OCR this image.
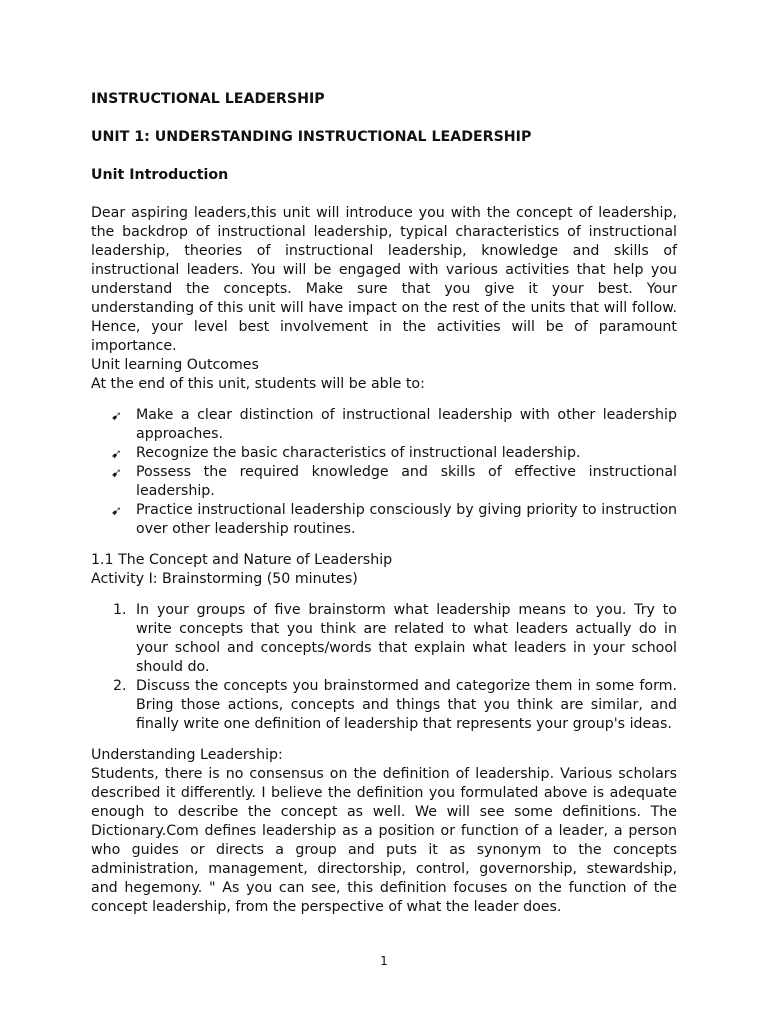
INSTRUCTIONAL LEADERSHIP

UNIT 1: UNDERSTANDING INSTRUCTIONAL LEADERSHIP

Unit Introduction

Dear aspiring leaders,this unit will introduce you with the concept of leadership, the backdrop of instructional leadership, typical characteristics of instructional leadership, theories of instructional leadership, knowledge and skills of instructional leaders. You will be engaged with various activities that help you understand the concepts. Make sure that you give it your best. Your understanding of this unit will have impact on the rest of the units that will follow. Hence, your level best involvement in the activities will be of paramount importance.

Unit learning Outcomes

At the end of this unit, students will be able to:

➹ Make a clear distinction of instructional leadership with other leadership approaches.
➹ Recognize the basic characteristics of instructional leadership.
➹ Possess the required knowledge and skills of effective instructional leadership.
➹ Practice instructional leadership consciously by giving priority to instruction over other leadership routines.

1.1 The Concept and Nature of Leadership

Activity I: Brainstorming (50 minutes)

1. In your groups of five brainstorm what leadership means to you. Try to write concepts that you think are related to what leaders actually do in your school and concepts/words that explain what leaders in your school should do.
2. Discuss the concepts you brainstormed and categorize them in some form. Bring those actions, concepts and things that you think are similar, and finally write one definition of leadership that represents your group's ideas.

Understanding Leadership:

Students, there is no consensus on the definition of leadership. Various scholars described it differently. I believe the definition you formulated above is adequate enough to describe the concept as well. We will see some definitions. The Dictionary.Com defines leadership as a position or function of a leader, a person who guides or directs a group and puts it as synonym to the concepts administration, management, directorship, control, governorship, stewardship, and hegemony. " As you can see, this definition focuses on the function of the concept leadership, from the perspective of what the leader does.

1
